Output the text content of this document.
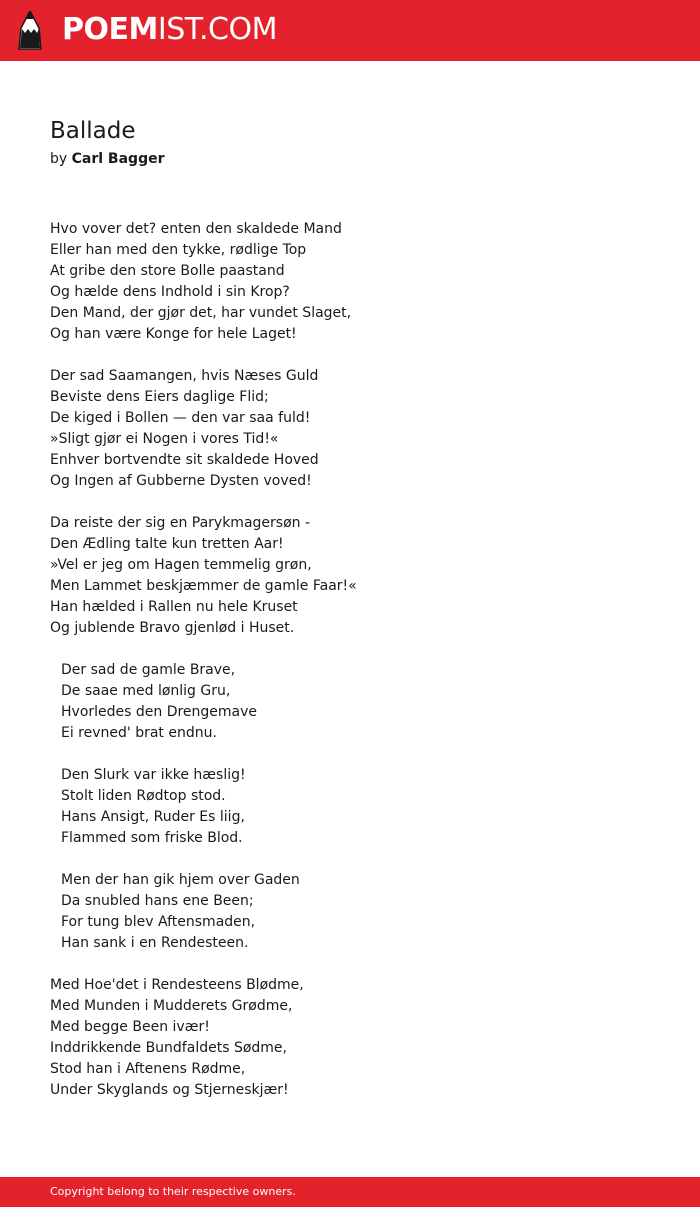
POEMIST.COM
Ballade
by Carl Bagger
Hvo vover det? enten den skaldede Mand
Eller han med den tykke, rødlige Top
At gribe den store Bolle paastand
Og hælde dens Indhold i sin Krop?
Den Mand, der gjør det, har vundet Slaget,
Og han være Konge for hele Laget!
Der sad Saamangen, hvis Næses Guld
Beviste dens Eiers daglige Flid;
De kiged i Bollen — den var saa fuld!
»Sligt gjør ei Nogen i vores Tid!«
Enhver bortvendte sit skaldede Hoved
Og Ingen af Gubberne Dysten voved!
Da reiste der sig en Parykmagersøn -
Den Ædling talte kun tretten Aar!
»Vel er jeg om Hagen temmelig grøn,
Men Lammet beskjæmmer de gamle Faar!«
Han hælded i Rallen nu hele Kruset
Og jublende Bravo gjenlød i Huset.
Der sad de gamle Brave,
De saae med lønlig Gru,
Hvorledes den Drengemave
Ei revned' brat endnu.
Den Slurk var ikke hæslig!
Stolt liden Rødtop stod.
Hans Ansigt, Ruder Es liig,
Flammed som friske Blod.
Men der han gik hjem over Gaden
Da snubled hans ene Been;
For tung blev Aftensmaden,
Han sank i en Rendesteen.
Med Hoe'det i Rendesteens Blødme,
Med Munden i Mudderets Grødme,
Med begge Been ivær!
Inddrikkende Bundfaldets Sødme,
Stod han i Aftenens Rødme,
Under Skyglands og Stjerneskjær!
Copyright belong to their respective owners.
